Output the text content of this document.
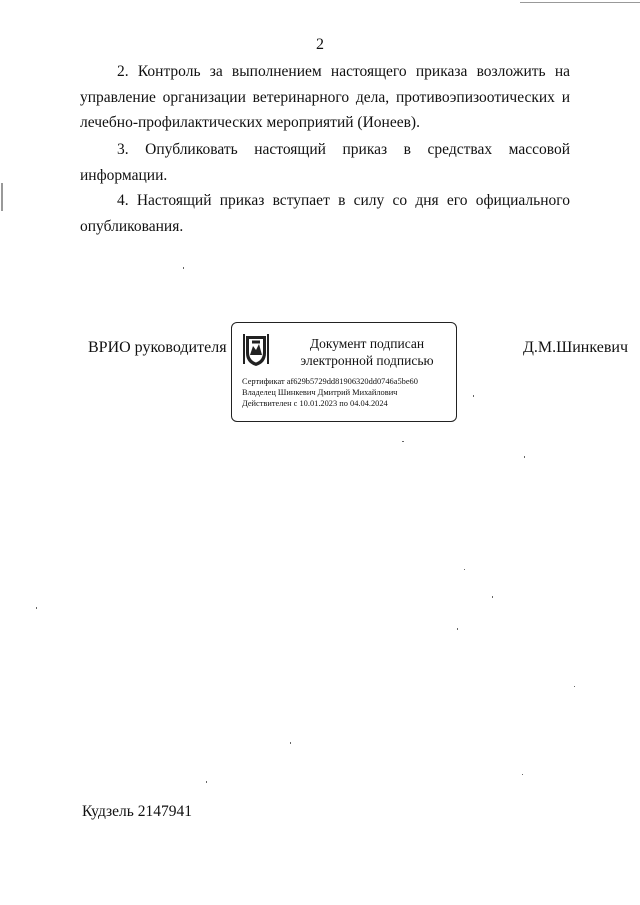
2

2. Контроль за выполнением настоящего приказа возложить на управление организации ветеринарного дела, противоэпизоотических и лечебно-профилактических мероприятий (Ионеев).

3. Опубликовать настоящий приказ в средствах массовой информации.

4. Настоящий приказ вступает в силу со дня его официального опубликования.

ВРИО руководителя	Документ подписан
электронной подписью
Сертификат af629b5729dd81906320dd0746a5be60
Владелец Шинкевич Дмитрий Михайлович
Действителен с 10.01.2023 по 04.04.2024
Д.М.Шинкевич
Кудзель 2147941
